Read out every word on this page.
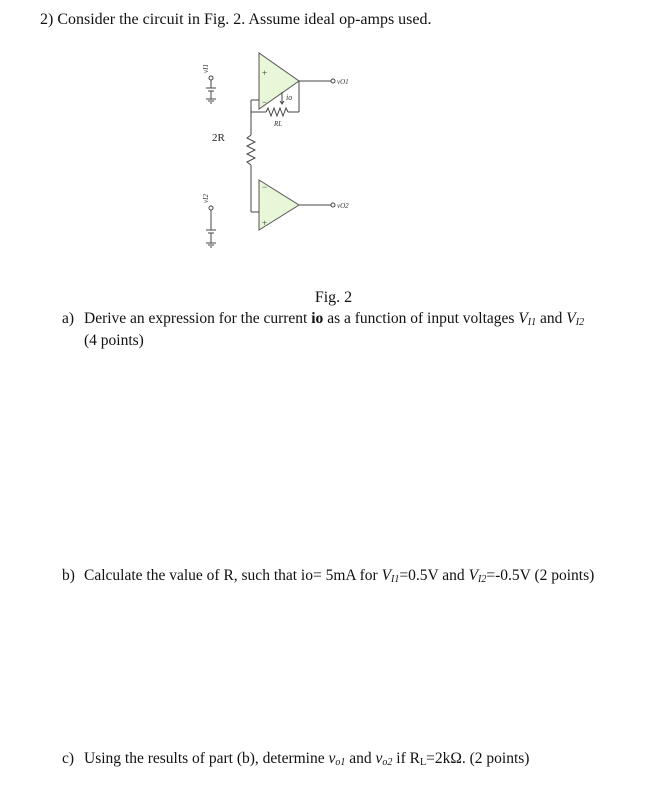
2) Consider the circuit in Fig. 2. Assume ideal op-amps used.
+
−
−
+
vI1
vI2
vO1
vO2
io
RL
2R
Fig. 2
a) Derive an expression for the current io as a function of input voltages $V_{I1}$ and $V_{I2}$
(4 points)
b) Calculate the value of R, such that io= 5mA for $V_{I1}=0.5V$ and $V_{I2}=-0.5V$ (2 points)
c) Using the results of part (b), determine $v_{o1}$ and $v_{o2}$ if $R_L=2k\Omega$. (2 points)
